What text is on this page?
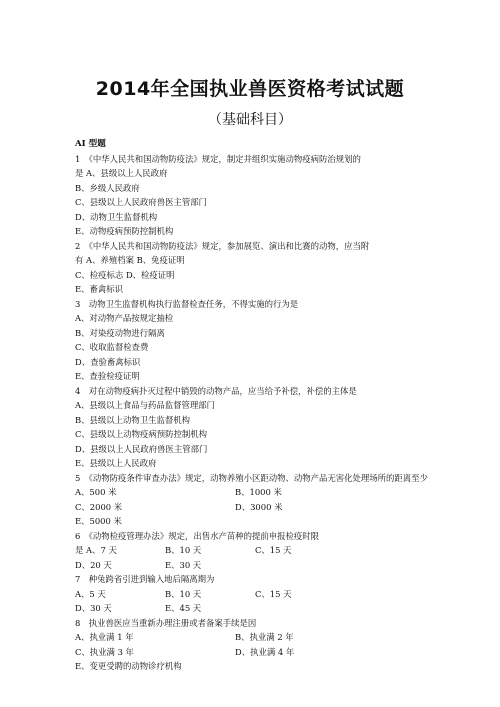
2014年全国执业兽医资格考试试题
（基础科目）
AI 型题
1　《中华人民共和国动物防疫法》规定，制定并组织实施动物疫病防治规划的
是 A、县级以上人民政府
B、乡级人民政府
C、县级以上人民政府兽医主管部门
D、动物卫生监督机构
E、动物疫病预防控制机构
2　《中华人民共和国动物防疫法》规定，参加展览、演出和比赛的动物，应当附
有 A、养殖档案 B、免疫证明
C、检疫标志 D、检疫证明
E、畜禽标识
3　动物卫生监督机构执行监督检查任务，不得实施的行为是
A、对动物产品按规定抽检
B、对染疫动物进行隔离
C、收取监督检查费
D、查验畜禽标识
E、查验检疫证明
4　对在动物疫病扑灭过程中销毁的动物产品，应当给予补偿，补偿的主体是
A、县级以上食品与药品监督管理部门
B、县级以上动物卫生监督机构
C、县级以上动物疫病预防控制机构
D、县级以上人民政府兽医主管部门
E、县级以上人民政府
5　《动物防疫条件审查办法》规定，动物养殖小区距动物、动物产品无害化处理场所的距离至少
A、500 米	B、1000 米
C、2000 米	D、3000 米
E、5000 米
6　《动物检疫管理办法》规定，出售水产苗种的提前申报检疫时限
是 A、7 天	B、10 天	C、15 天
D、20 天	E、30 天
7　种兔跨省引进到输入地后隔离期为
A、5 天	B、10 天	C、15 天
D、30 天	E、45 天
8　执业兽医应当重新办理注册或者备案手续是因
A、执业满 1 年	B、执业满 2 年
C、执业满 3 年	D、执业满 4 年
E、变更受聘的动物诊疗机构
